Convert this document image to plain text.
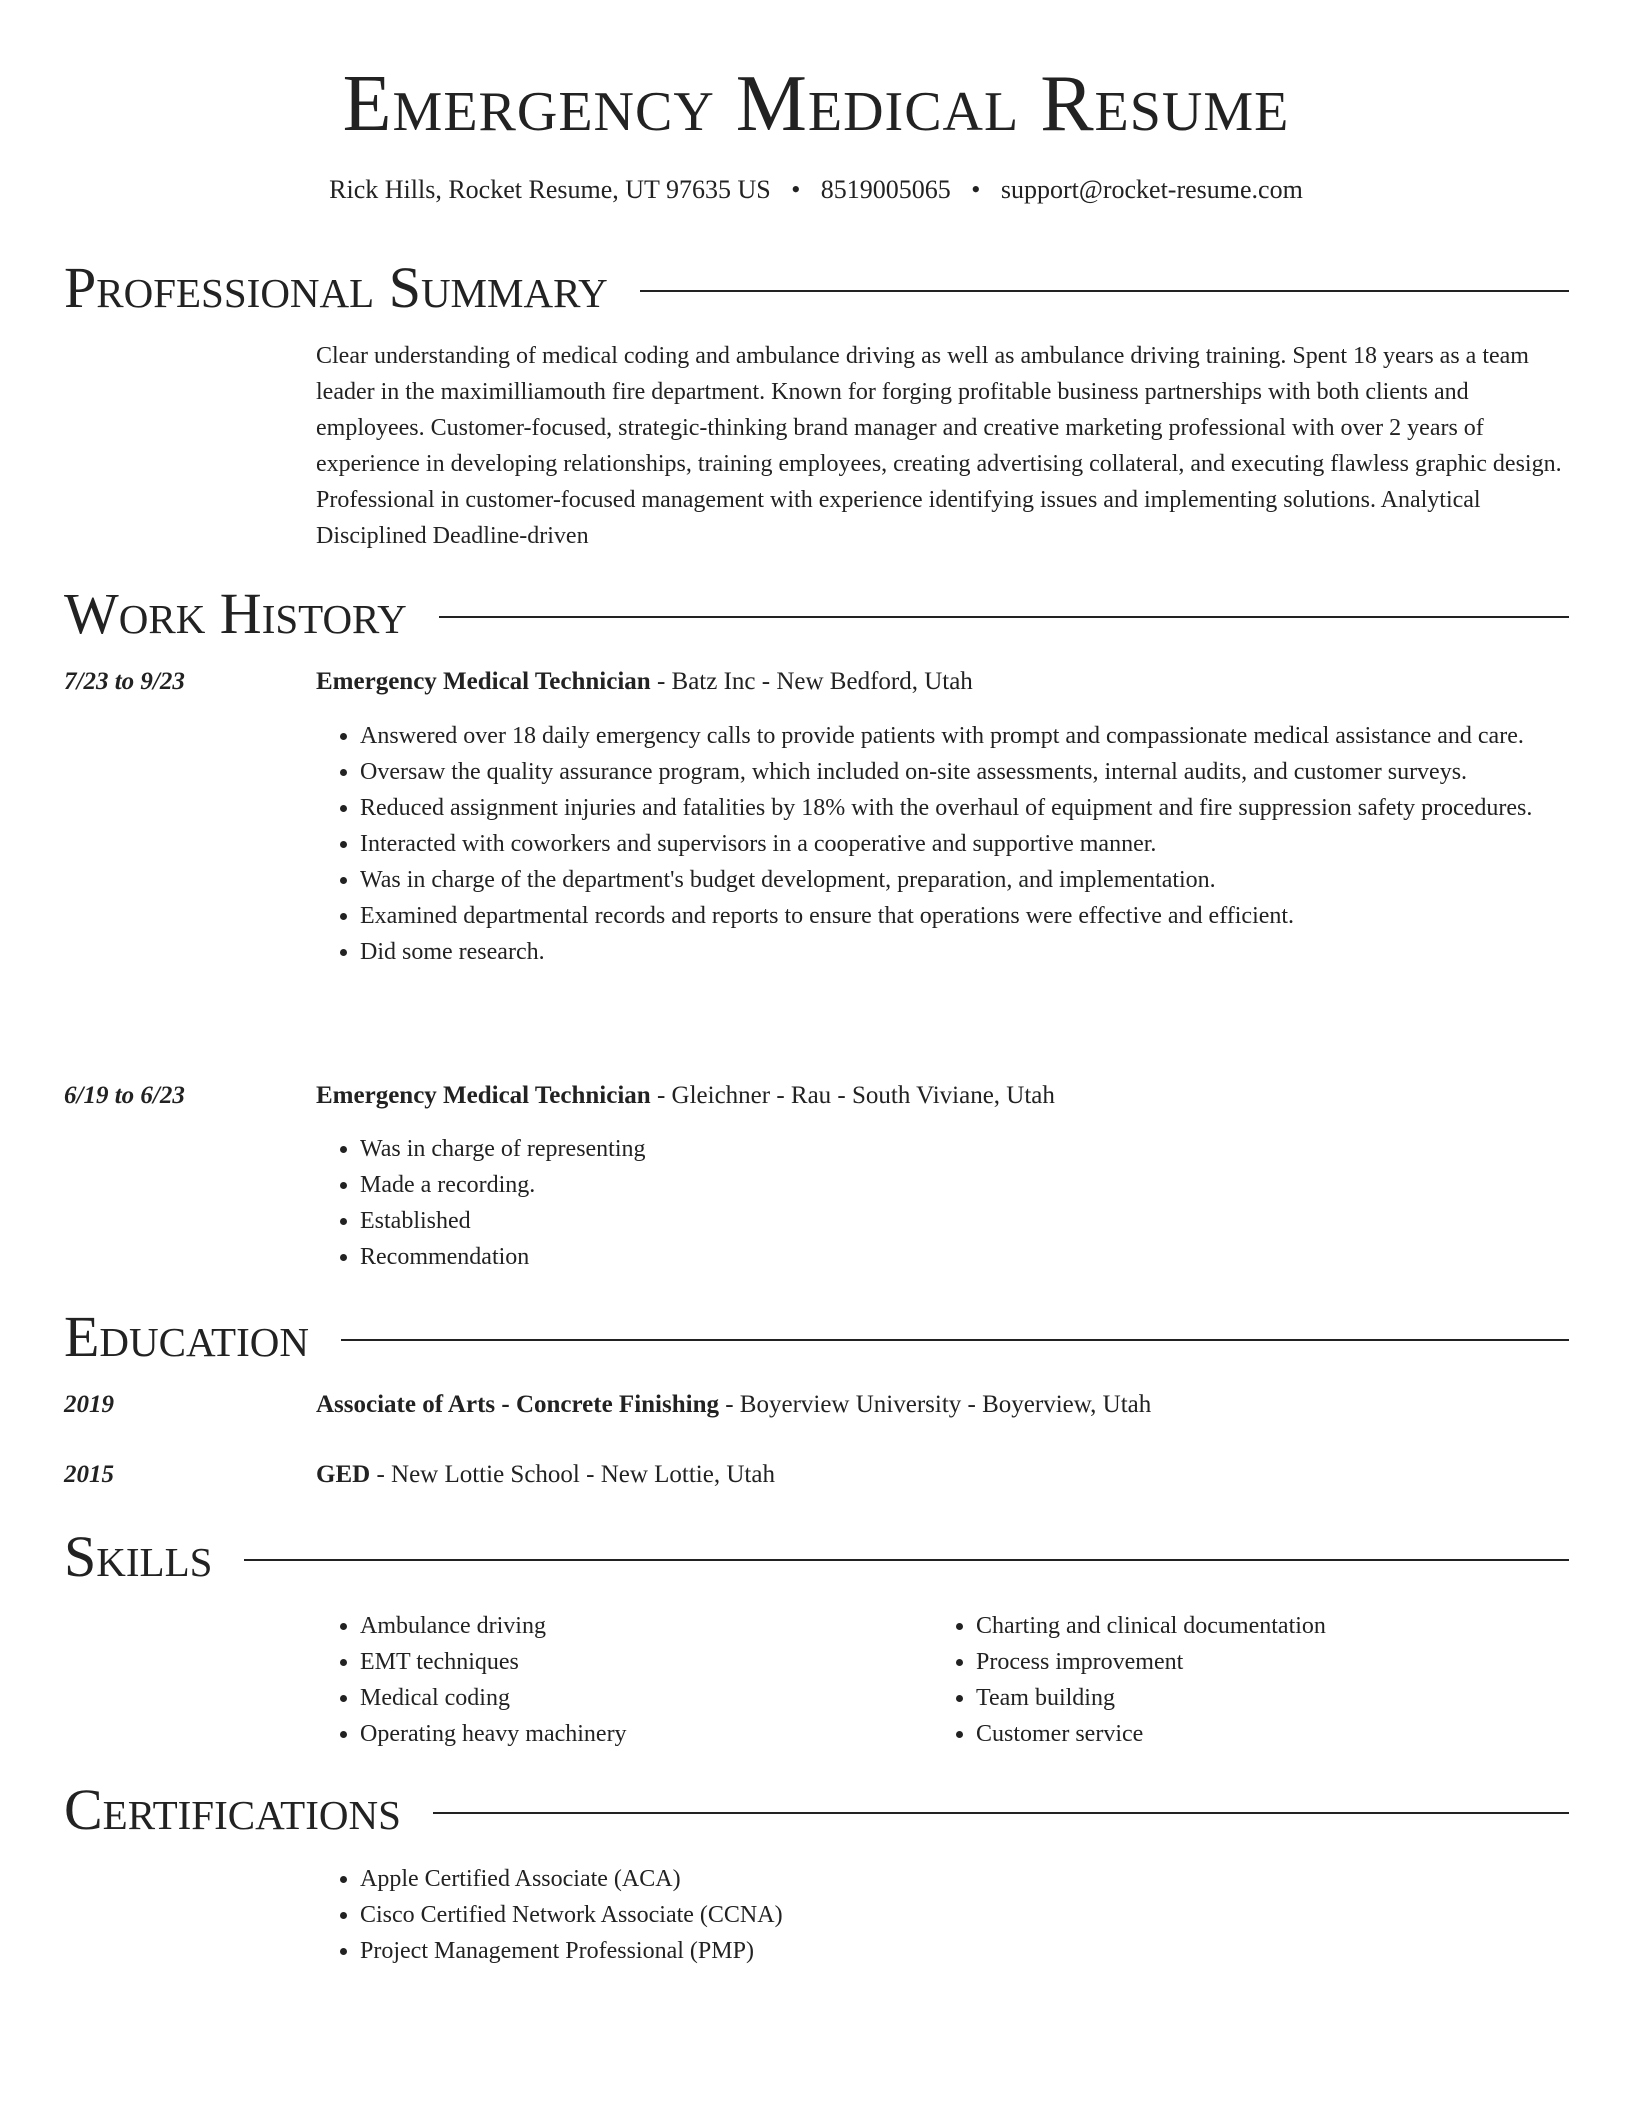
Emergency Medical Resume
Rick Hills, Rocket Resume, UT 97635 US • 8519005065 • support@rocket-resume.com
Professional Summary

Clear understanding of medical coding and ambulance driving as well as ambulance driving training. Spent 18 years as a team leader in the maximilliamouth fire department. Known for forging profitable business partnerships with both clients and employees. Customer-focused, strategic-thinking brand manager and creative marketing professional with over 2 years of experience in developing relationships, training employees, creating advertising collateral, and executing flawless graphic design. Professional in customer-focused management with experience identifying issues and implementing solutions. Analytical Disciplined Deadline-driven

Work History
7/23 to 9/23	Emergency Medical Technician - Batz Inc - New Bedford, Utah
• Answered over 18 daily emergency calls to provide patients with prompt and compassionate medical assistance and care.
• Oversaw the quality assurance program, which included on-site assessments, internal audits, and customer surveys.
• Reduced assignment injuries and fatalities by 18% with the overhaul of equipment and fire suppression safety procedures.
• Interacted with coworkers and supervisors in a cooperative and supportive manner.
• Was in charge of the department's budget development, preparation, and implementation.
• Examined departmental records and reports to ensure that operations were effective and efficient.
• Did some research.
6/19 to 6/23	Emergency Medical Technician - Gleichner - Rau - South Viviane, Utah
• Was in charge of representing
• Made a recording.
• Established
• Recommendation
Education
2019	Associate of Arts - Concrete Finishing - Boyerview University - Boyerview, Utah
2015	GED - New Lottie School - New Lottie, Utah
Skills
• Ambulance driving
• EMT techniques
• Medical coding
• Operating heavy machinery
• Charting and clinical documentation
• Process improvement
• Team building
• Customer service
Certifications
• Apple Certified Associate (ACA)
• Cisco Certified Network Associate (CCNA)
• Project Management Professional (PMP)
